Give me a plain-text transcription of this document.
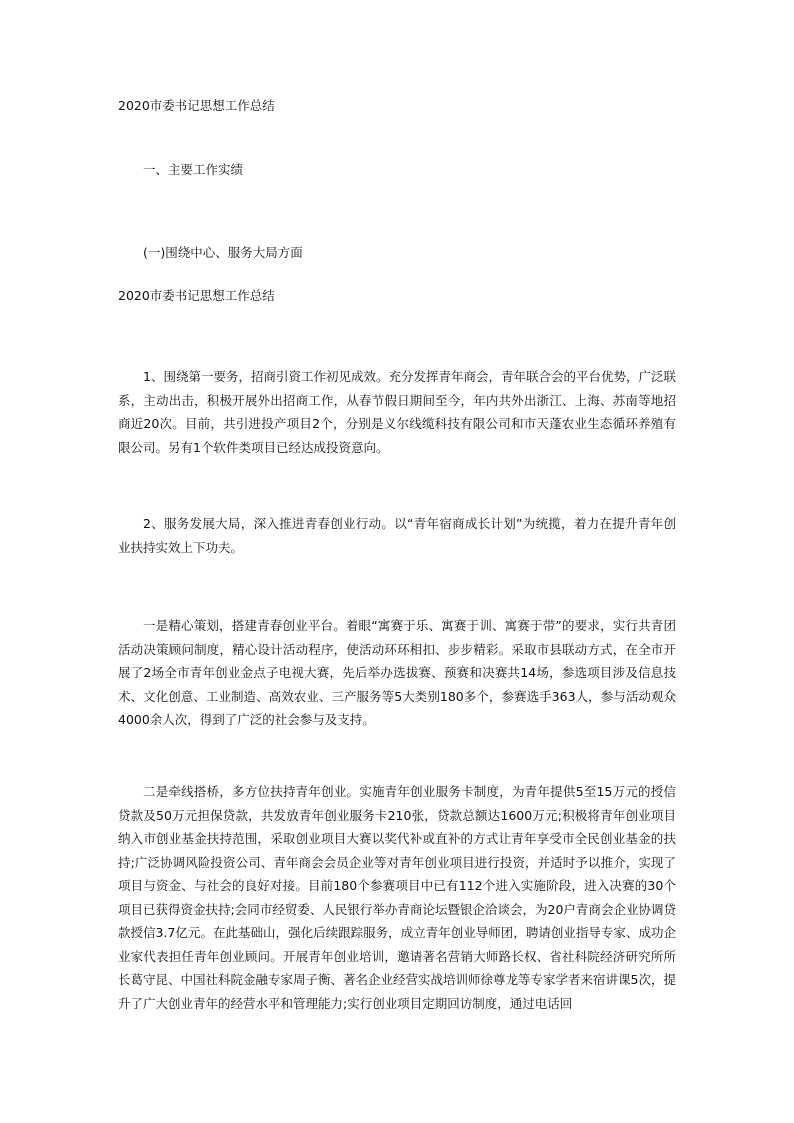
2020市委书记思想工作总结
一、主要工作实绩
(一)围绕中心、服务大局方面
2020市委书记思想工作总结

1、围绕第一要务，招商引资工作初见成效。充分发挥青年商会，青年联合会的平台优势，广泛联系，主动出击，积极开展外出招商工作，从春节假日期间至今，年内共外出浙江、上海、苏南等地招商近20次。目前，共引进投产项目2个，分别是义尔线缆科技有限公司和市天蓬农业生态循环养殖有限公司。另有1个软件类项目已经达成投资意向。

2、服务发展大局，深入推进青春创业行动。以“青年宿商成长计划”为统揽，着力在提升青年创业扶持实效上下功夫。

一是精心策划，搭建青春创业平台。着眼“寓赛于乐、寓赛于训、寓赛于带”的要求，实行共青团活动决策顾问制度，精心设计活动程序，使活动环环相扣、步步精彩。采取市县联动方式，在全市开展了2场全市青年创业金点子电视大赛，先后举办选拔赛、预赛和决赛共14场，参选项目涉及信息技术、文化创意、工业制造、高效农业、三产服务等5大类别180多个，参赛选手363人，参与活动观众4000余人次，得到了广泛的社会参与及支持。

二是牵线搭桥，多方位扶持青年创业。实施青年创业服务卡制度，为青年提供5至15万元的授信贷款及50万元担保贷款，共发放青年创业服务卡210张，贷款总额达1600万元;积极将青年创业项目纳入市创业基金扶持范围，采取创业项目大赛以奖代补或直补的方式让青年享受市全民创业基金的扶持;广泛协调风险投资公司、青年商会会员企业等对青年创业项目进行投资，并适时予以推介，实现了项目与资金、与社会的良好对接。目前180个参赛项目中已有112个进入实施阶段，进入决赛的30个项目已获得资金扶持;会同市经贸委、人民银行举办青商论坛暨银企洽谈会，为20户青商会企业协调贷款授信3.7亿元。在此基础山，强化后续跟踪服务，成立青年创业导师团，聘请创业指导专家、成功企业家代表担任青年创业顾问。开展青年创业培训，邀请著名营销大师路长权、省社科院经济研究所所长葛守昆、中国社科院金融专家周子衡、著名企业经营实战培训师徐尊龙等专家学者来宿讲课5次，提升了广大创业青年的经营水平和管理能力;实行创业项目定期回访制度，通过电话回
